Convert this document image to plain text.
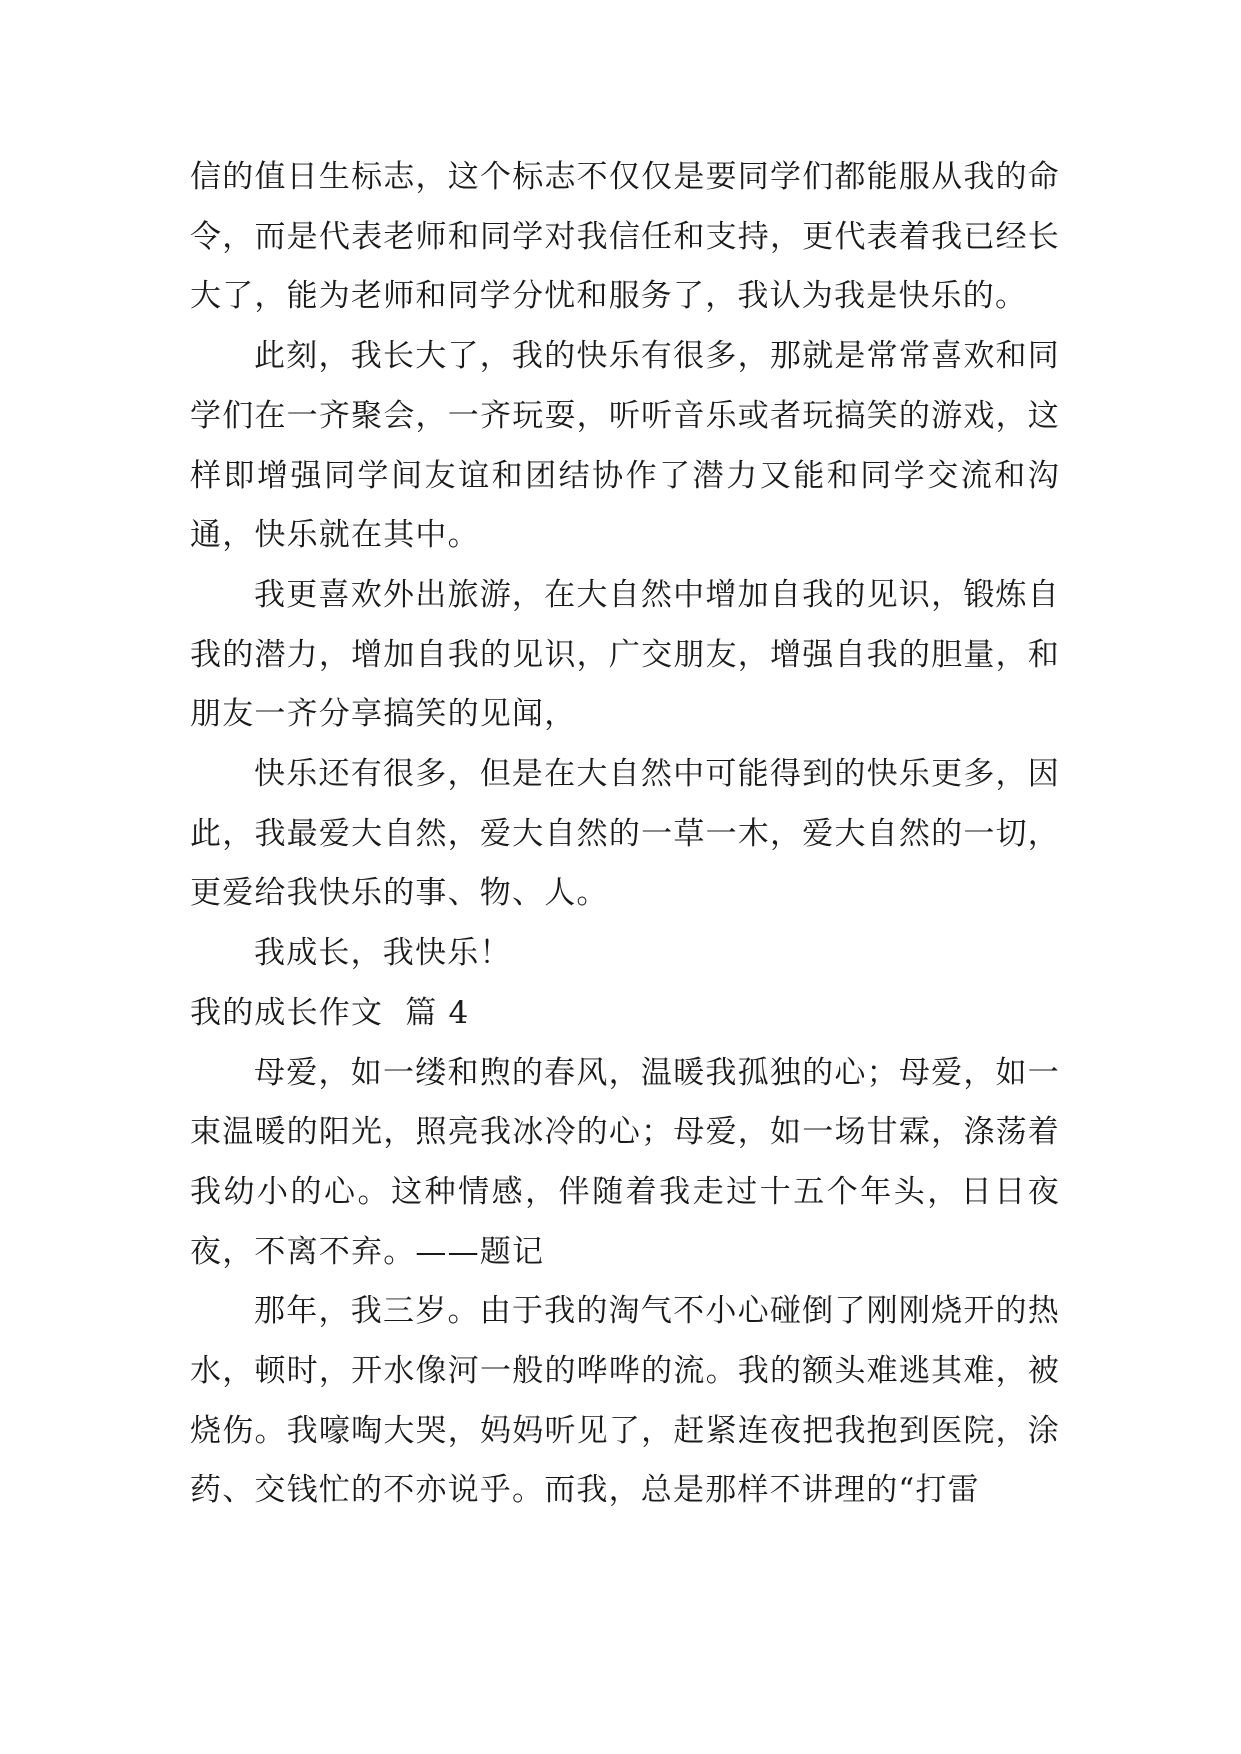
信的值日生标志，这个标志不仅仅是要同学们都能服从我的命令，而是代表老师和同学对我信任和支持，更代表着我已经长大了，能为老师和同学分忧和服务了，我认为我是快乐的。

此刻，我长大了，我的快乐有很多，那就是常常喜欢和同学们在一齐聚会，一齐玩耍，听听音乐或者玩搞笑的游戏，这样即增强同学间友谊和团结协作了潜力又能和同学交流和沟通，快乐就在其中。

我更喜欢外出旅游，在大自然中增加自我的见识，锻炼自我的潜力，增加自我的见识，广交朋友，增强自我的胆量，和朋友一齐分享搞笑的见闻，

快乐还有很多，但是在大自然中可能得到的快乐更多，因此，我最爱大自然，爱大自然的一草一木，爱大自然的一切，更爱给我快乐的事、物、人。

我成长，我快乐！

我的成长作文  篇 4

母爱，如一缕和煦的春风，温暖我孤独的心；母爱，如一束温暖的阳光，照亮我冰冷的心；母爱，如一场甘霖，涤荡着我幼小的心。这种情感，伴随着我走过十五个年头，日日夜夜，不离不弃。——题记

那年，我三岁。由于我的淘气不小心碰倒了刚刚烧开的热水，顿时，开水像河一般的哗哗的流。我的额头难逃其难，被烧伤。我嚎啕大哭，妈妈听见了，赶紧连夜把我抱到医院，涂药、交钱忙的不亦说乎。而我，总是那样不讲理的“打雷
